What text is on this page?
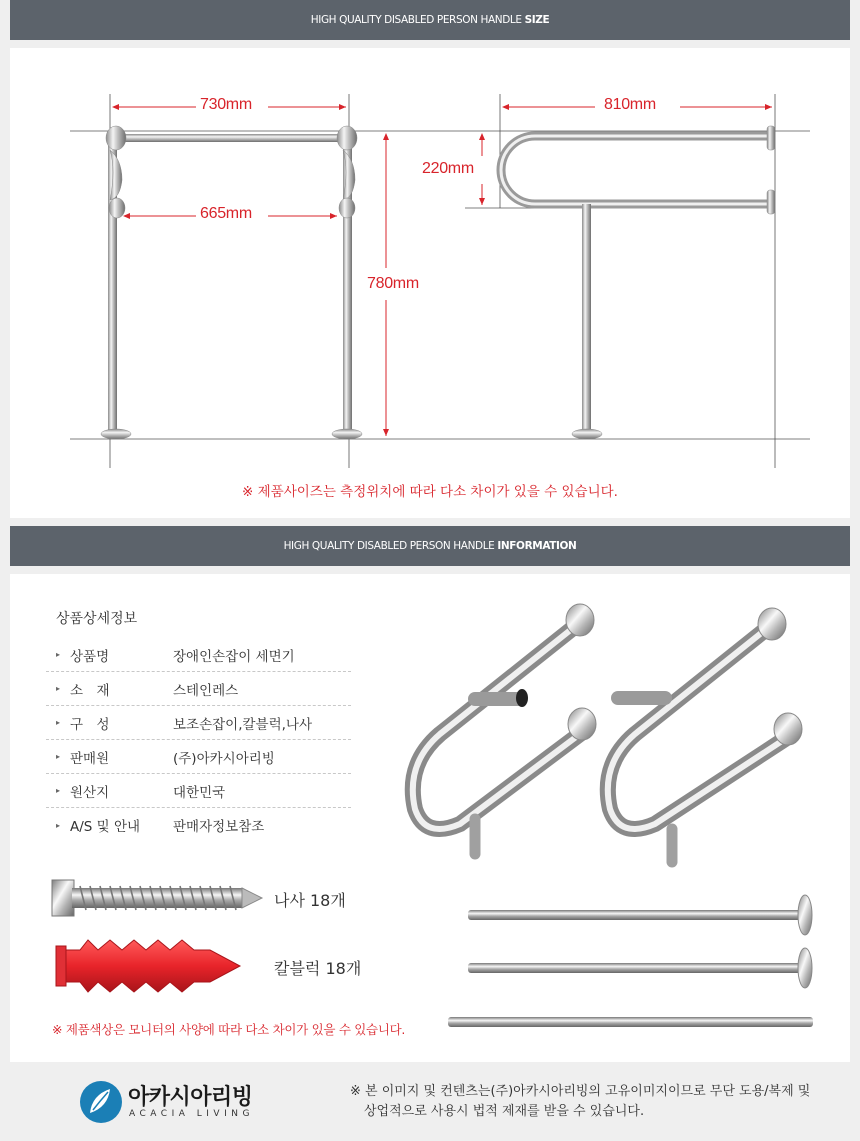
HIGH QUALITY DISABLED PERSON HANDLE SIZE
730mm
665mm
780mm
810mm
220mm
※ 제품사이즈는 측정위치에 따라 다소 차이가 있을 수 있습니다.
HIGH QUALITY DISABLED PERSON HANDLE INFORMATION
상품상세정보
▸ 상품명	장애인손잡이 세면기
▸ 소　재	스테인레스
▸ 구　성	보조손잡이,칼블럭,나사
▸ 판매원	(주)아카시아리빙
▸ 원산지	대한민국
▸ A/S 및 안내	판매자정보참조
나사 18개
칼블럭 18개
※ 제품색상은 모니터의 사양에 따라 다소 차이가 있을 수 있습니다.
아카시아리빙
ACACIA LIVING
※ 본 이미지 및 컨텐츠는(주)아카시아리빙의 고유이미지이므로 무단 도용/복제 및
상업적으로 사용시 법적 제재를 받을 수 있습니다.
